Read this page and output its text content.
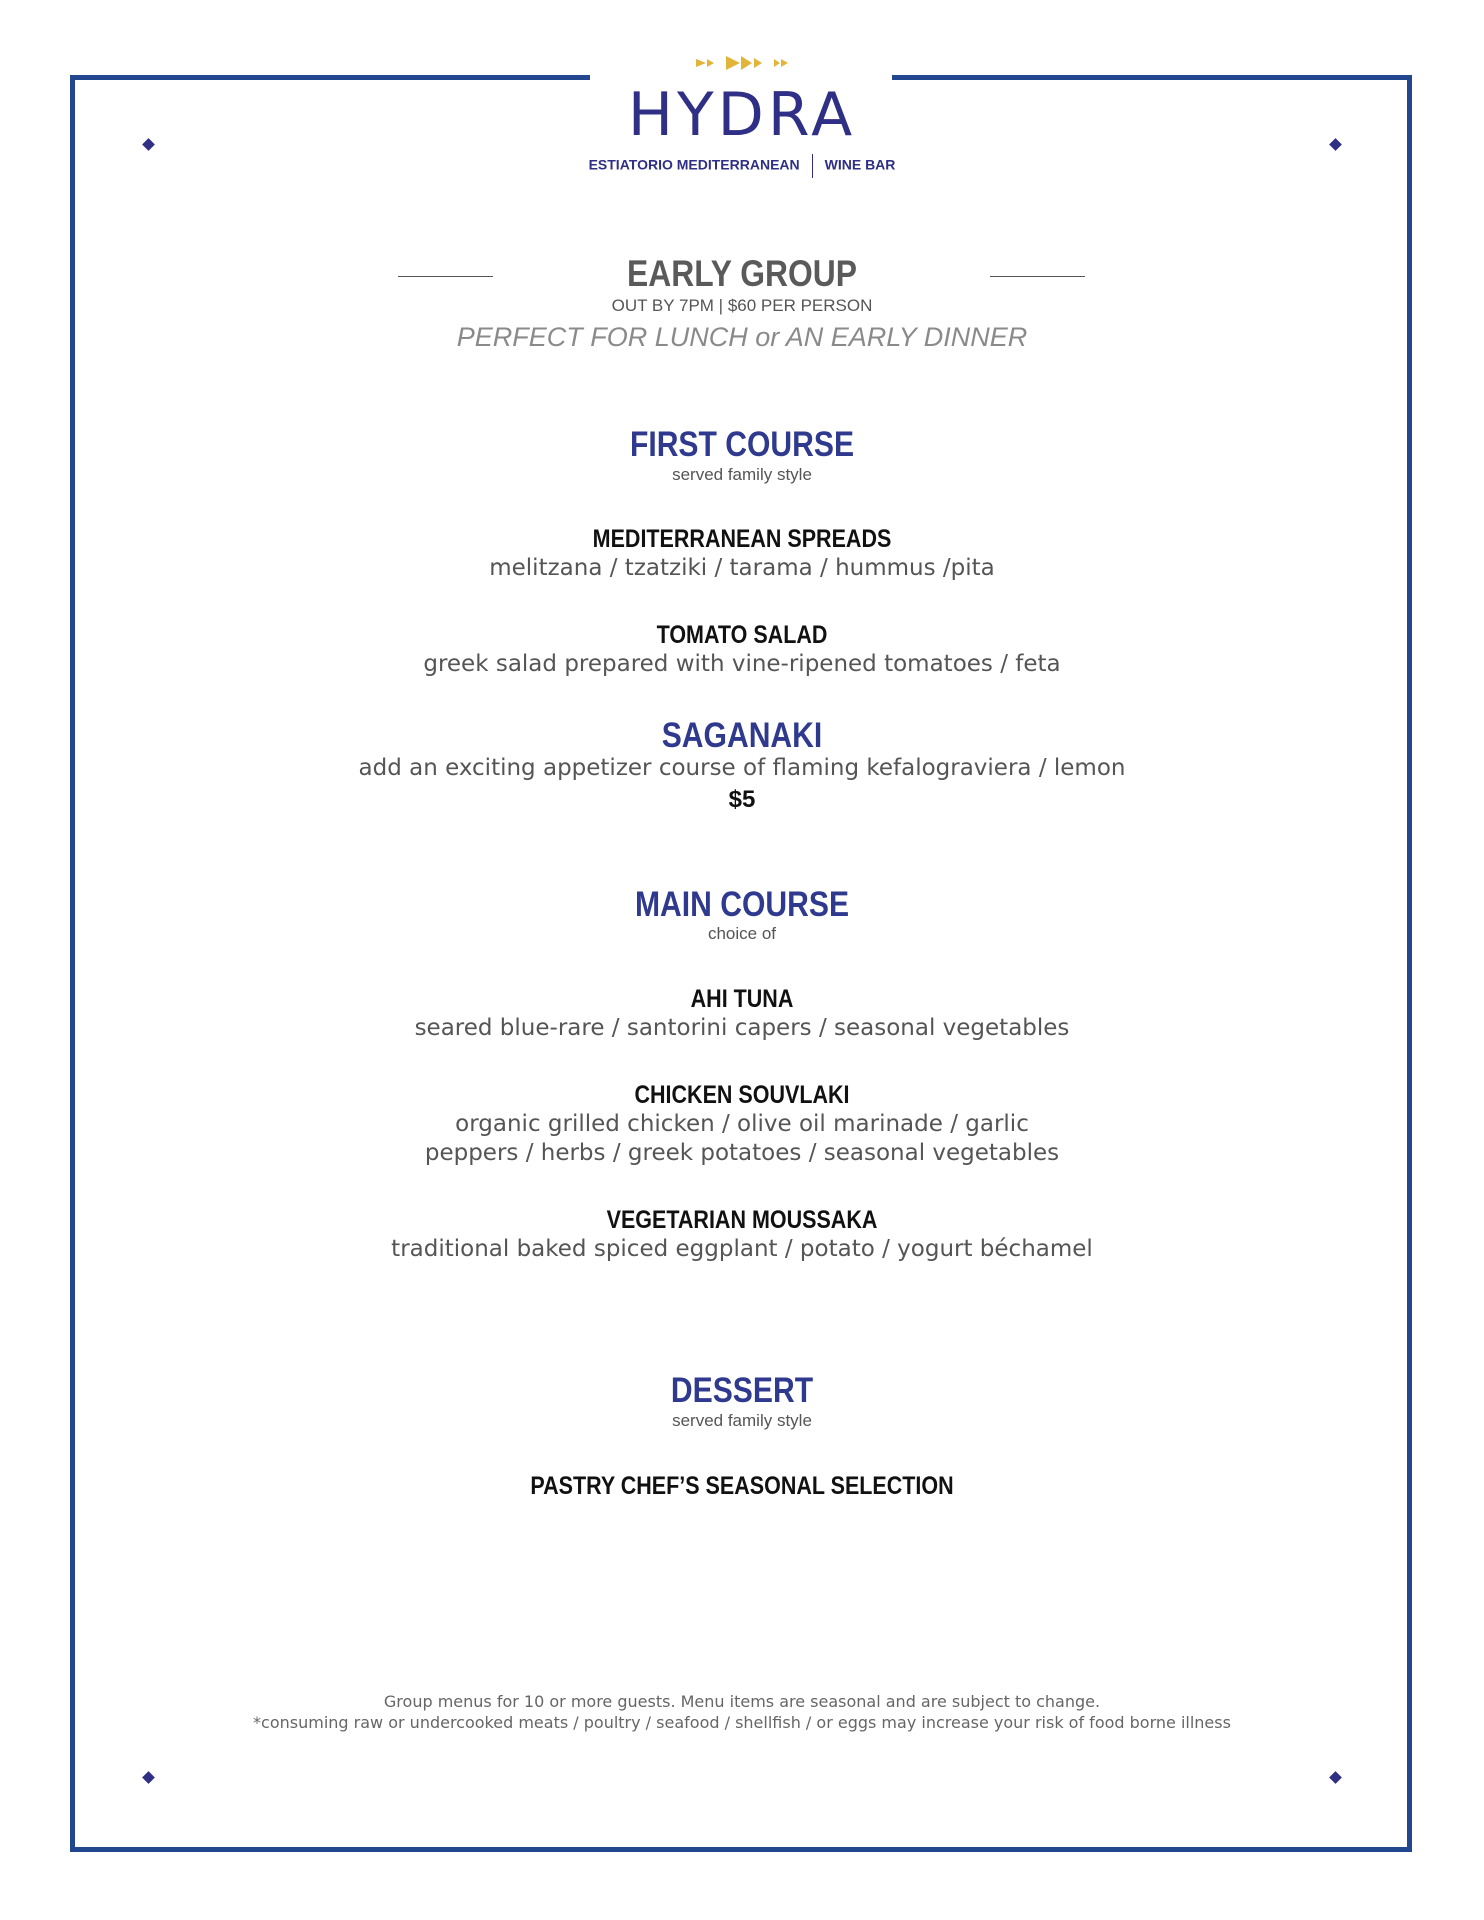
HYDRA
ESTIATORIO MEDITERRANEAN WINE BAR
EARLY GROUP
OUT BY 7PM | $60 PER PERSON
PERFECT FOR LUNCH or AN EARLY DINNER
FIRST COURSE
served family style
MEDITERRANEAN SPREADS
melitzana / tzatziki / tarama / hummus /pita
TOMATO SALAD
greek salad prepared with vine-ripened tomatoes / feta
SAGANAKI
add an exciting appetizer course of flaming kefalograviera / lemon
$5
MAIN COURSE
choice of
AHI TUNA
seared blue-rare / santorini capers / seasonal vegetables
CHICKEN SOUVLAKI
organic grilled chicken / olive oil marinade / garlic
peppers / herbs / greek potatoes / seasonal vegetables
VEGETARIAN MOUSSAKA
traditional baked spiced eggplant / potato / yogurt béchamel
DESSERT
served family style
PASTRY CHEF’S SEASONAL SELECTION
Group menus for 10 or more guests. Menu items are seasonal and are subject to change.
*consuming raw or undercooked meats / poultry / seafood / shellfish / or eggs may increase your risk of food borne illness
